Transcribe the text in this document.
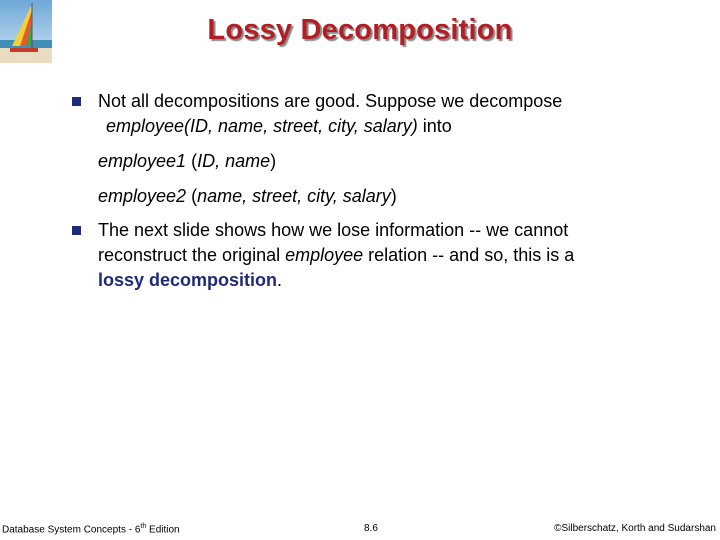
Lossy Decomposition
Not all decompositions are good. Suppose we decompose
employee(ID, name, street, city, salary) into
employee1 (ID, name)
employee2 (name, street, city, salary)
The next slide shows how we lose information -- we cannot
reconstruct the original employee relation -- and so, this is a
lossy decomposition.
Database System Concepts - 6th Edition	8.6	©Silberschatz, Korth and Sudarshan
